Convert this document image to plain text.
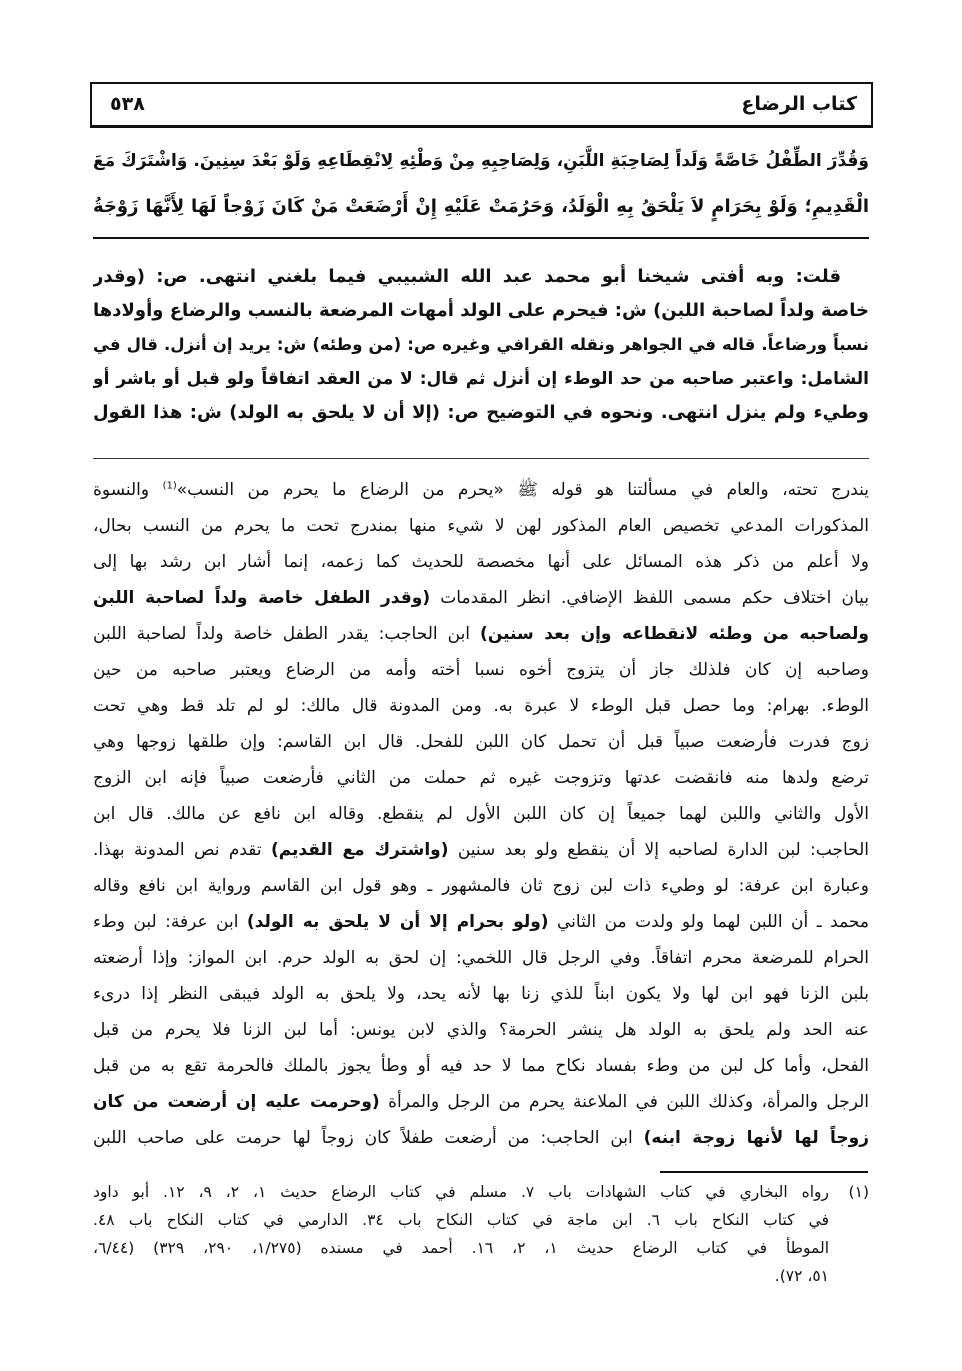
كتاب الرضاع
٥٣٨
وَقُدِّرَ الطِّفْلُ خَاصَّةً وَلَداً لِصَاحِبَةِ اللَّبَنِ، وَلِصَاحِبِهِ مِنْ وَطْئِهِ لِانْقِطَاعِهِ وَلَوْ بَعْدَ سِنِينَ. وَاشْتَرَكَ مَعَ
الْقَدِيمِ؛ وَلَوْ بِحَرَامٍ لاَ يَلْحَقُ بِهِ الْوَلَدُ، وَحَرُمَتْ عَلَيْهِ إِنْ أَرْضَعَتْ مَنْ كَانَ زَوْجاً لَهَا لِأَنَّهَا زَوْجَةُ
قلت: وبه أفتى شيخنا أبو محمد عبد الله الشبيبي فيما بلغني انتهى. ص: (وقدر
خاصة ولداً لصاحبة اللبن) ش: فيحرم على الولد أمهات المرضعة بالنسب والرضاع وأولادها
نسباً ورضاعاً. قاله في الجواهر ونقله القرافي وغيره ص: (من وطئه) ش: يريد إن أنزل. قال في
الشامل: واعتبر صاحبه من حد الوطء إن أنزل ثم قال: لا من العقد اتفاقاً ولو قبل أو باشر أو
وطيء ولم ينزل انتهى. ونحوه في التوضيح ص: (إلا أن لا يلحق به الولد) ش: هذا القول
يندرج تحته، والعام في مسألتنا هو قوله ﷺ «يحرم من الرضاع ما يحرم من النسب»$^{(1)}$ والنسوة
المذكورات المدعي تخصيص العام المذكور لهن لا شيء منها بمندرج تحت ما يحرم من النسب بحال،
ولا أعلم من ذكر هذه المسائل على أنها مخصصة للحديث كما زعمه، إنما أشار ابن رشد بها إلى
بيان اختلاف حكم مسمى اللفظ الإضافي. انظر المقدمات (وقدر الطفل خاصة ولداً لصاحبة اللبن
ولصاحبه من وطئه لانقطاعه وإن بعد سنين) ابن الحاجب: يقدر الطفل خاصة ولداً لصاحبة اللبن
وصاحبه إن كان فلذلك جاز أن يتزوج أخوه نسبا أخته وأمه من الرضاع ويعتبر صاحبه من حين
الوطء. بهرام: وما حصل قبل الوطء لا عبرة به. ومن المدونة قال مالك: لو لم تلد قط وهي تحت
زوج فدرت فأرضعت صبياً قبل أن تحمل كان اللبن للفحل. قال ابن القاسم: وإن طلقها زوجها وهي
ترضع ولدها منه فانقضت عدتها وتزوجت غيره ثم حملت من الثاني فأرضعت صبياً فإنه ابن الزوج
الأول والثاني واللبن لهما جميعاً إن كان اللبن الأول لم ينقطع. وقاله ابن نافع عن مالك. قال ابن
الحاجب: لبن الدارة لصاحبه إلا أن ينقطع ولو بعد سنين (واشترك مع القديم) تقدم نص المدونة بهذا.
وعبارة ابن عرفة: لو وطيء ذات لبن زوج ثان فالمشهور ـ وهو قول ابن القاسم ورواية ابن نافع وقاله
محمد ـ أن اللبن لهما ولو ولدت من الثاني (ولو بحرام إلا أن لا يلحق به الولد) ابن عرفة: لبن وطء
الحرام للمرضعة محرم اتفاقاً. وفي الرجل قال اللخمي: إن لحق به الولد حرم. ابن المواز: وإذا أرضعته
بلبن الزنا فهو ابن لها ولا يكون ابناً للذي زنا بها لأنه يحد، ولا يلحق به الولد فيبقى النظر إذا درىء
عنه الحد ولم يلحق به الولد هل ينشر الحرمة؟ والذي لابن يونس: أما لبن الزنا فلا يحرم من قبل
الفحل، وأما كل لبن من وطء بفساد نكاح مما لا حد فيه أو وطأ يجوز بالملك فالحرمة تقع به من قبل
الرجل والمرأة، وكذلك اللبن في الملاعنة يحرم من الرجل والمرأة (وحرمت عليه إن أرضعت من كان
زوجاً لها لأنها زوجة ابنه) ابن الحاجب: من أرضعت طفلاً كان زوجاً لها حرمت على صاحب اللبن
(١)
رواه البخاري في كتاب الشهادات باب ٧. مسلم في كتاب الرضاع حديث ١، ٢، ٩، ١٢. أبو داود
في كتاب النكاح باب ٦. ابن ماجة في كتاب النكاح باب ٣٤. الدارمي في كتاب النكاح باب ٤٨.
الموطأ في كتاب الرضاع حديث ١، ٢، ١٦. أحمد في مسنده (١/٢٧٥، ٢٩٠، ٣٢٩) (٦/٤٤،
٥١، ٧٢).
